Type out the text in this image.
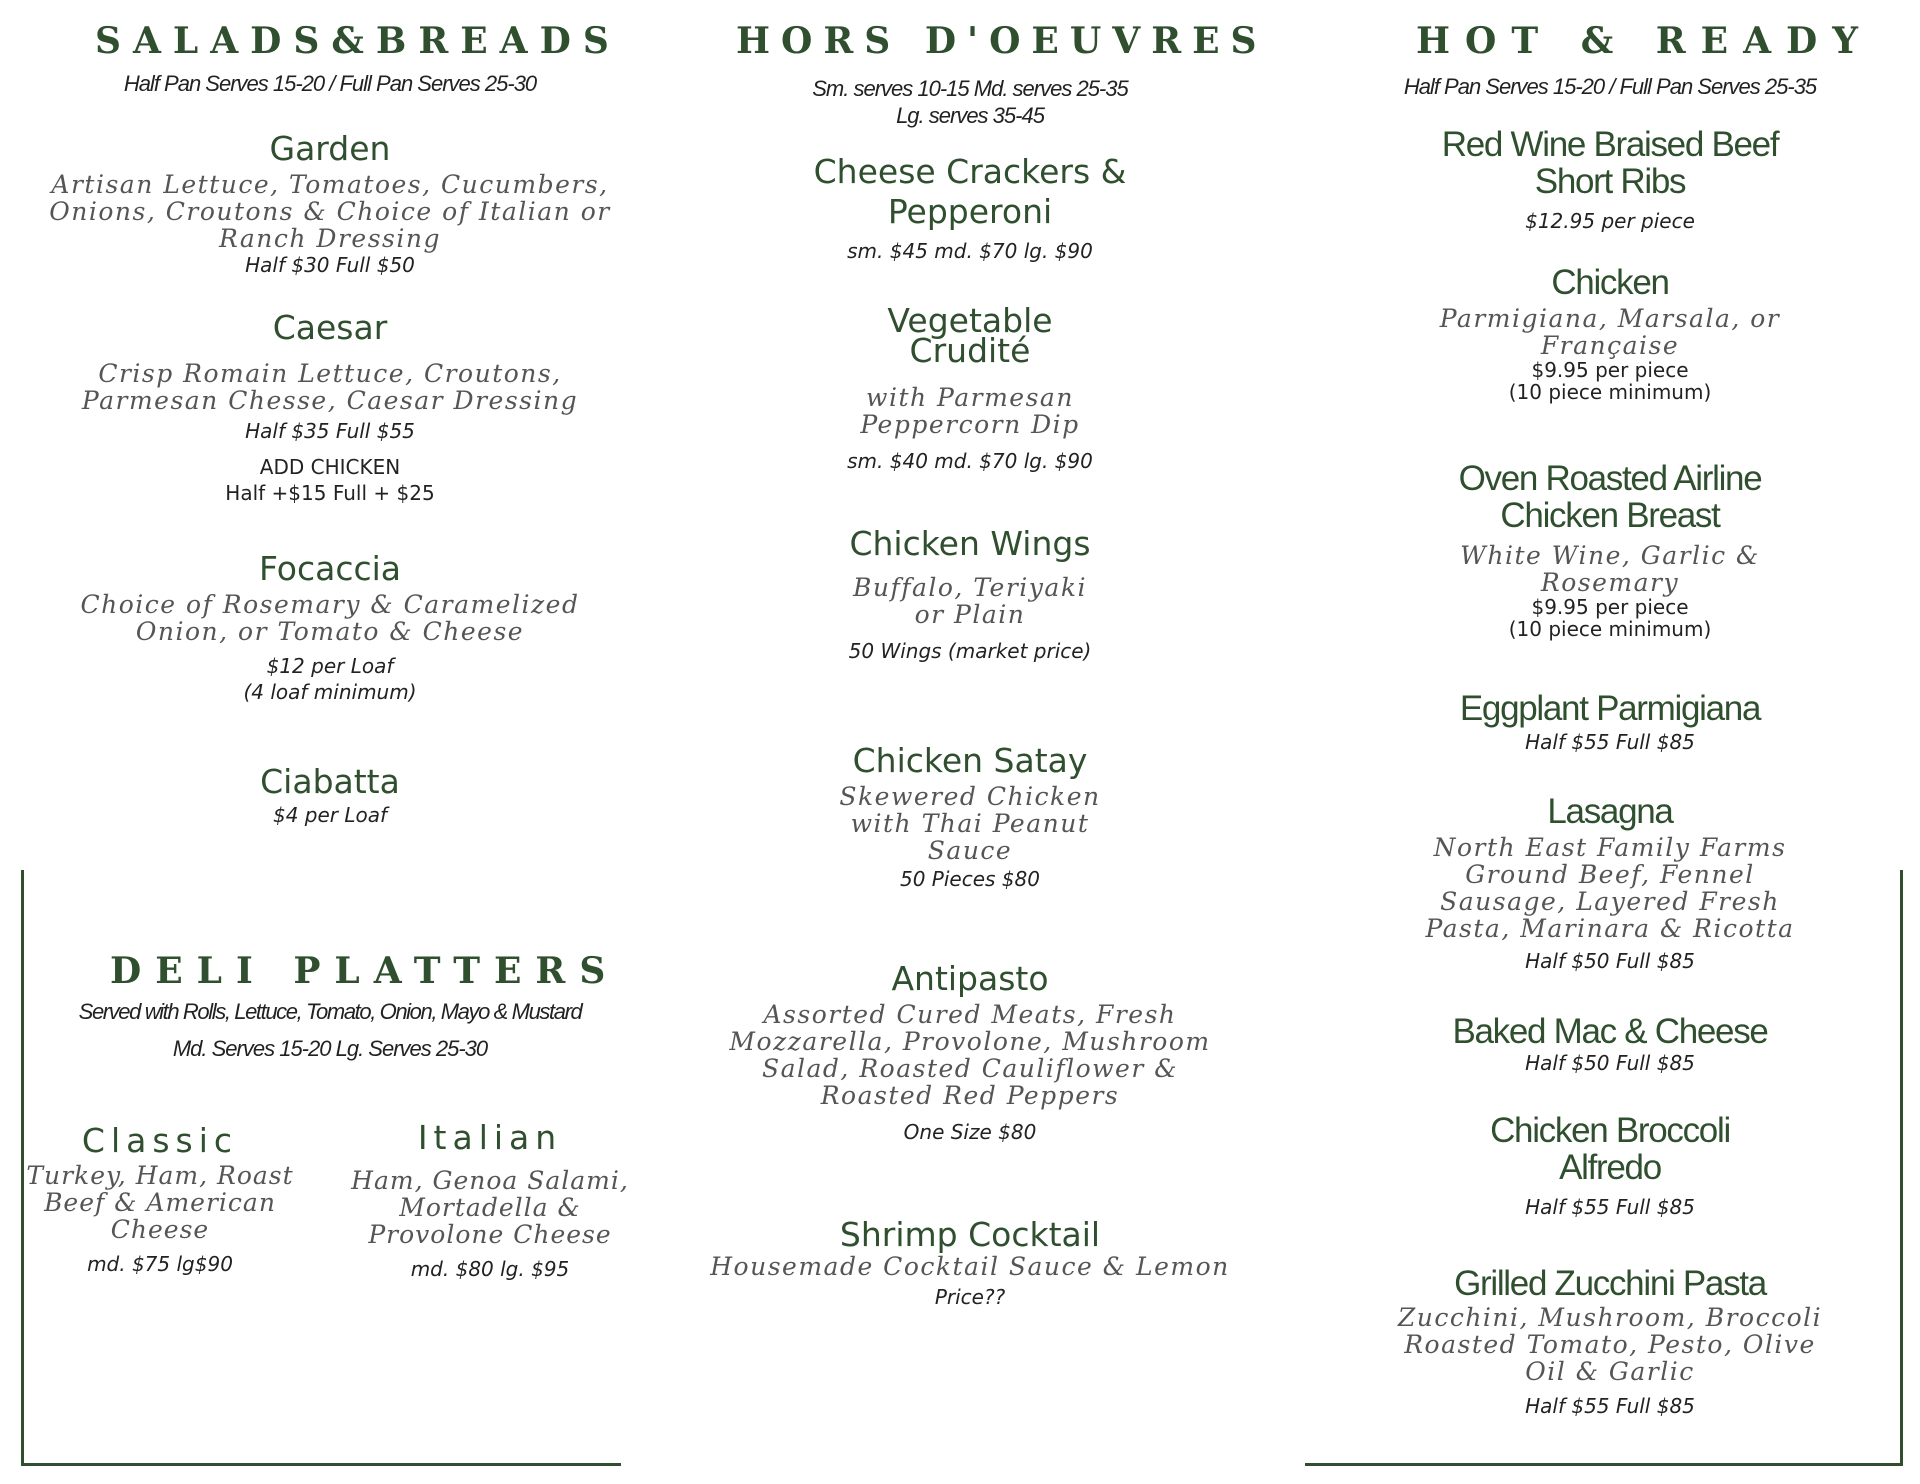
SALADS&BREADS
Half Pan Serves 15-20 / Full Pan Serves 25-30

Garden

Artisan Lettuce, Tomatoes, Cucumbers,

Onions, Croutons & Choice of Italian or

Ranch Dressing

Half $30 Full $50

Caesar

Crisp Romain Lettuce, Croutons,

Parmesan Chesse, Caesar Dressing

Half $35 Full $55

ADD CHICKEN

Half +$15 Full + $25

Focaccia

Choice of Rosemary & Caramelized

Onion, or Tomato & Cheese

$12 per Loaf

(4 loaf minimum)

Ciabatta

$4 per Loaf

DELI PLATTERS
Served with Rolls, Lettuce, Tomato, Onion, Mayo & Mustard
Md. Serves 15-20 Lg. Serves 25-30

Classic

Turkey, Ham, Roast

Beef & American

Cheese

md. $75 lg$90

Italian

Ham, Genoa Salami,

Mortadella &

Provolone Cheese

md. $80 lg. $95

HORS D'OEUVRES
Sm. serves 10-15 Md. serves 25-35
Lg. serves 35-45

Cheese Crackers &

Pepperoni

sm. $45 md. $70 lg. $90

Vegetable

Crudité

with Parmesan

Peppercorn Dip

sm. $40 md. $70 lg. $90

Chicken Wings

Buffalo, Teriyaki

or Plain

50 Wings (market price)

Chicken Satay

Skewered Chicken

with Thai Peanut

Sauce

50 Pieces $80

Antipasto

Assorted Cured Meats, Fresh

Mozzarella, Provolone, Mushroom

Salad, Roasted Cauliflower &

Roasted Red Peppers

One Size $80

Shrimp Cocktail

Housemade Cocktail Sauce & Lemon

Price??

HOT & READY
Half Pan Serves 15-20 / Full Pan Serves 25-35

Red Wine Braised Beef

Short Ribs

$12.95 per piece

Chicken

Parmigiana, Marsala, or

Française

$9.95 per piece

(10 piece minimum)

Oven Roasted Airline

Chicken Breast

White Wine, Garlic &

Rosemary

$9.95 per piece

(10 piece minimum)

Eggplant Parmigiana

Half $55 Full $85

Lasagna

North East Family Farms

Ground Beef, Fennel

Sausage, Layered Fresh

Pasta, Marinara & Ricotta

Half $50 Full $85

Baked Mac & Cheese

Half $50 Full $85

Chicken Broccoli

Alfredo

Half $55 Full $85

Grilled Zucchini Pasta

Zucchini, Mushroom, Broccoli

Roasted Tomato, Pesto, Olive

Oil & Garlic

Half $55 Full $85
